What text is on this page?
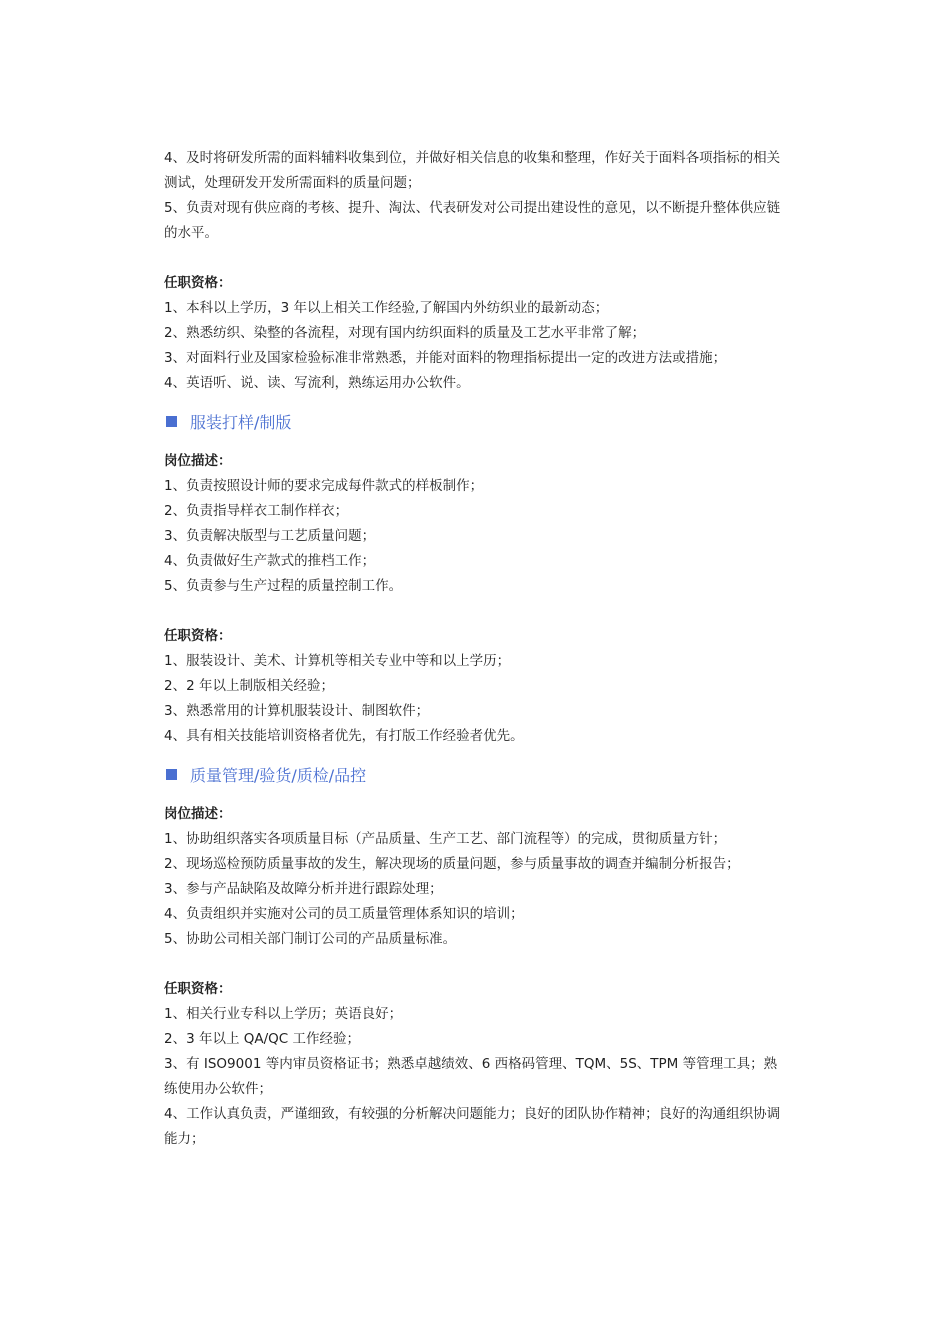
4、及时将研发所需的面料辅料收集到位，并做好相关信息的收集和整理，作好关于面料各项指标的相关测试，处理研发开发所需面料的质量问题；
5、负责对现有供应商的考核、提升、淘汰、代表研发对公司提出建设性的意见，以不断提升整体供应链的水平。
任职资格：
1、本科以上学历，3 年以上相关工作经验,了解国内外纺织业的最新动态；
2、熟悉纺织、染整的各流程，对现有国内纺织面料的质量及工艺水平非常了解；
3、对面料行业及国家检验标准非常熟悉，并能对面料的物理指标提出一定的改进方法或措施；
4、英语听、说、读、写流利，熟练运用办公软件。
服装打样/制版
岗位描述：
1、负责按照设计师的要求完成每件款式的样板制作；
2、负责指导样衣工制作样衣；
3、负责解决版型与工艺质量问题；
4、负责做好生产款式的推档工作；
5、负责参与生产过程的质量控制工作。
任职资格：
1、服装设计、美术、计算机等相关专业中等和以上学历；
2、2 年以上制版相关经验；
3、熟悉常用的计算机服装设计、制图软件；
4、具有相关技能培训资格者优先，有打版工作经验者优先。
质量管理/验货/质检/品控
岗位描述：
1、协助组织落实各项质量目标（产品质量、生产工艺、部门流程等）的完成，贯彻质量方针；
2、现场巡检预防质量事故的发生，解决现场的质量问题，参与质量事故的调查并编制分析报告；
3、参与产品缺陷及故障分析并进行跟踪处理；
4、负责组织并实施对公司的员工质量管理体系知识的培训；
5、协助公司相关部门制订公司的产品质量标准。
任职资格：
1、相关行业专科以上学历；英语良好；
2、3 年以上 QA/QC 工作经验；
3、有 ISO9001 等内审员资格证书；熟悉卓越绩效、6 西格码管理、TQM、5S、TPM 等管理工具；熟练使用办公软件；
4、工作认真负责，严谨细致，有较强的分析解决问题能力；良好的团队协作精神；良好的沟通组织协调能力；
